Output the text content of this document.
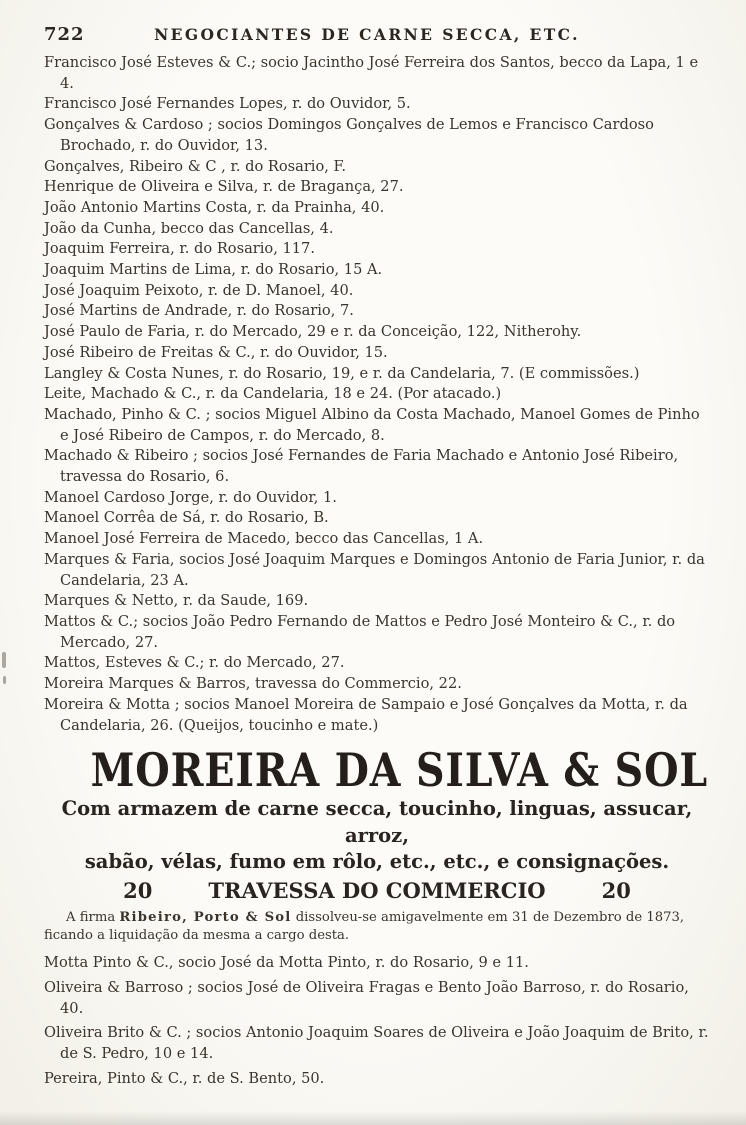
722	NEGOCIANTES DE CARNE SECCA, ETC.

Francisco José Esteves & C.; socio Jacintho José Ferreira dos Santos, becco da Lapa, 1 e 4.

Francisco José Fernandes Lopes, r. do Ouvidor, 5.

Gonçalves & Cardoso ; socios Domingos Gonçalves de Lemos e Francisco Cardoso Brochado, r. do Ouvidor, 13.

Gonçalves, Ribeiro & C , r. do Rosario, F.

Henrique de Oliveira e Silva, r. de Bragança, 27.

João Antonio Martins Costa, r. da Prainha, 40.

João da Cunha, becco das Cancellas, 4.

Joaquim Ferreira, r. do Rosario, 117.

Joaquim Martins de Lima, r. do Rosario, 15 A.

José Joaquim Peixoto, r. de D. Manoel, 40.

José Martins de Andrade, r. do Rosario, 7.

José Paulo de Faria, r. do Mercado, 29 e r. da Conceição, 122, Nitherohy.

José Ribeiro de Freitas & C., r. do Ouvidor, 15.

Langley & Costa Nunes, r. do Rosario, 19, e r. da Candelaria, 7. (E commissões.)

Leite, Machado & C., r. da Candelaria, 18 e 24. (Por atacado.)

Machado, Pinho & C. ; socios Miguel Albino da Costa Machado, Manoel Gomes de Pinho e José Ribeiro de Campos, r. do Mercado, 8.

Machado & Ribeiro ; socios José Fernandes de Faria Machado e Antonio José Ribeiro, travessa do Rosario, 6.

Manoel Cardoso Jorge, r. do Ouvidor, 1.

Manoel Corrêa de Sá, r. do Rosario, B.

Manoel José Ferreira de Macedo, becco das Cancellas, 1 A.

Marques & Faria, socios José Joaquim Marques e Domingos Antonio de Faria Junior, r. da Candelaria, 23 A.

Marques & Netto, r. da Saude, 169.

Mattos & C.; socios João Pedro Fernando de Mattos e Pedro José Monteiro & C., r. do Mercado, 27.

Mattos, Esteves & C.; r. do Mercado, 27.

Moreira Marques & Barros, travessa do Commercio, 22.

Moreira & Motta ; socios Manoel Moreira de Sampaio e José Gonçalves da Motta, r. da Candelaria, 26. (Queijos, toucinho e mate.)

MOREIRA DA SILVA & SOL
Com armazem de carne secca, toucinho, linguas, assucar, arroz,
sabão, vélas, fumo em rôlo, etc., etc., e consignações.
20	TRAVESSA DO COMMERCIO	20

A firma Ribeiro, Porto & Sol dissolveu-se amigavelmente em 31 de Dezembro de 1873, ficando a liquidação da mesma a cargo desta.

Motta Pinto & C., socio José da Motta Pinto, r. do Rosario, 9 e 11.

Oliveira & Barroso ; socios José de Oliveira Fragas e Bento João Barroso, r. do Rosario, 40.

Oliveira Brito & C. ; socios Antonio Joaquim Soares de Oliveira e João Joaquim de Brito, r. de S. Pedro, 10 e 14.

Pereira, Pinto & C., r. de S. Bento, 50.
